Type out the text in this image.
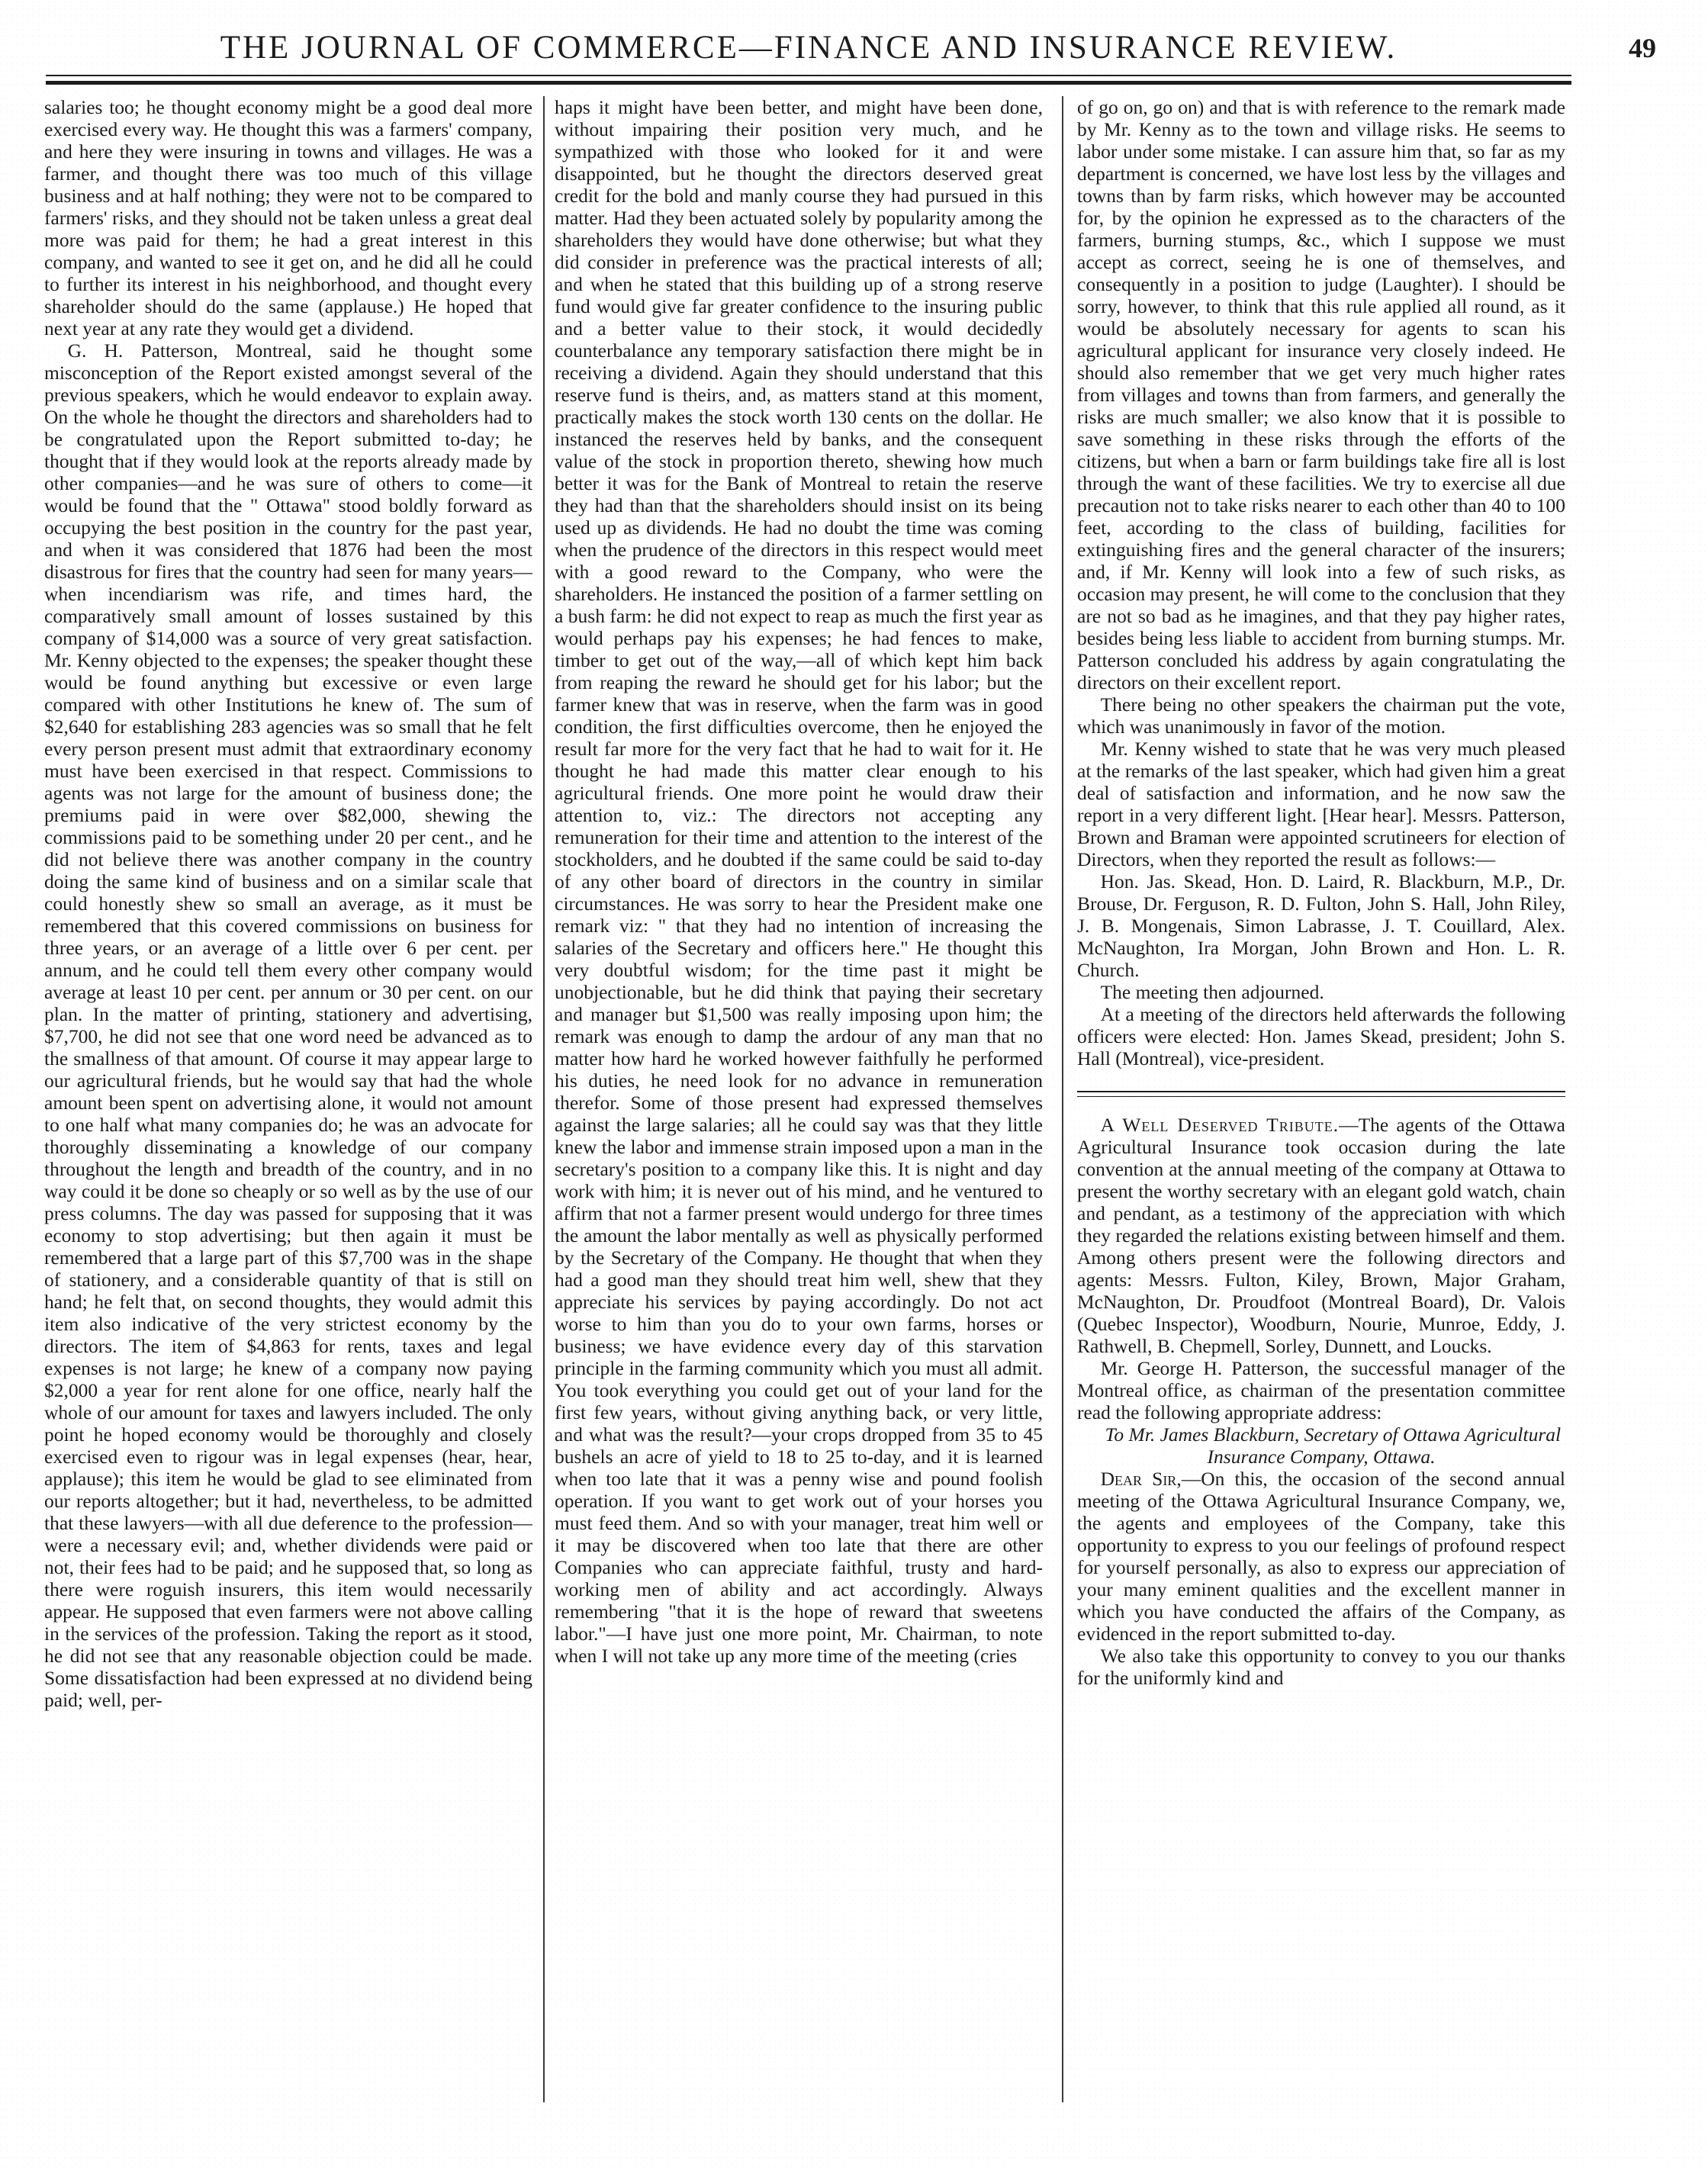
THE JOURNAL OF COMMERCE—FINANCE AND INSURANCE REVIEW.	49

salaries too; he thought economy might be a good deal more exercised every way. He thought this was a farmers' company, and here they were insuring in towns and villages. He was a farmer, and thought there was too much of this village business and at half nothing; they were not to be compared to farmers' risks, and they should not be taken unless a great deal more was paid for them; he had a great interest in this company, and wanted to see it get on, and he did all he could to further its interest in his neighborhood, and thought every shareholder should do the same (applause.) He hoped that next year at any rate they would get a dividend.

G. H. Patterson, Montreal, said he thought some misconception of the Report existed amongst several of the previous speakers, which he would endeavor to explain away. On the whole he thought the directors and shareholders had to be congratulated upon the Report submitted to-day; he thought that if they would look at the reports already made by other companies—and he was sure of others to come—it would be found that the " Ottawa" stood boldly forward as occupying the best position in the country for the past year, and when it was considered that 1876 had been the most disastrous for fires that the country had seen for many years—when incendiarism was rife, and times hard, the comparatively small amount of losses sustained by this company of $14,000 was a source of very great satisfaction. Mr. Kenny objected to the expenses; the speaker thought these would be found anything but excessive or even large compared with other Institutions he knew of. The sum of $2,640 for establishing 283 agencies was so small that he felt every person present must admit that extraordinary economy must have been exercised in that respect. Commissions to agents was not large for the amount of business done; the premiums paid in were over $82,000, shewing the commissions paid to be something under 20 per cent., and he did not believe there was another company in the country doing the same kind of business and on a similar scale that could honestly shew so small an average, as it must be remembered that this covered commissions on business for three years, or an average of a little over 6 per cent. per annum, and he could tell them every other company would average at least 10 per cent. per annum or 30 per cent. on our plan. In the matter of printing, stationery and advertising, $7,700, he did not see that one word need be advanced as to the smallness of that amount. Of course it may appear large to our agricultural friends, but he would say that had the whole amount been spent on advertising alone, it would not amount to one half what many companies do; he was an advocate for thoroughly disseminating a knowledge of our company throughout the length and breadth of the country, and in no way could it be done so cheaply or so well as by the use of our press columns. The day was passed for supposing that it was economy to stop advertising; but then again it must be remembered that a large part of this $7,700 was in the shape of stationery, and a considerable quantity of that is still on hand; he felt that, on second thoughts, they would admit this item also indicative of the very strictest economy by the directors. The item of $4,863 for rents, taxes and legal expenses is not large; he knew of a company now paying $2,000 a year for rent alone for one office, nearly half the whole of our amount for taxes and lawyers included. The only point he hoped economy would be thoroughly and closely exercised even to rigour was in legal expenses (hear, hear, applause); this item he would be glad to see eliminated from our reports altogether; but it had, nevertheless, to be admitted that these lawyers—with all due deference to the profession—were a necessary evil; and, whether dividends were paid or not, their fees had to be paid; and he supposed that, so long as there were roguish insurers, this item would necessarily appear. He supposed that even farmers were not above calling in the services of the profession. Taking the report as it stood, he did not see that any reasonable objection could be made. Some dissatisfaction had been expressed at no dividend being paid; well, per-

haps it might have been better, and might have been done, without impairing their position very much, and he sympathized with those who looked for it and were disappointed, but he thought the directors deserved great credit for the bold and manly course they had pursued in this matter. Had they been actuated solely by popularity among the shareholders they would have done otherwise; but what they did consider in preference was the practical interests of all; and when he stated that this building up of a strong reserve fund would give far greater confidence to the insuring public and a better value to their stock, it would decidedly counterbalance any temporary satisfaction there might be in receiving a dividend. Again they should understand that this reserve fund is theirs, and, as matters stand at this moment, practically makes the stock worth 130 cents on the dollar. He instanced the reserves held by banks, and the consequent value of the stock in proportion thereto, shewing how much better it was for the Bank of Montreal to retain the reserve they had than that the shareholders should insist on its being used up as dividends. He had no doubt the time was coming when the prudence of the directors in this respect would meet with a good reward to the Company, who were the shareholders. He instanced the position of a farmer settling on a bush farm: he did not expect to reap as much the first year as would perhaps pay his expenses; he had fences to make, timber to get out of the way,—all of which kept him back from reaping the reward he should get for his labor; but the farmer knew that was in reserve, when the farm was in good condition, the first difficulties overcome, then he enjoyed the result far more for the very fact that he had to wait for it. He thought he had made this matter clear enough to his agricultural friends. One more point he would draw their attention to, viz.: The directors not accepting any remuneration for their time and attention to the interest of the stockholders, and he doubted if the same could be said to-day of any other board of directors in the country in similar circumstances. He was sorry to hear the President make one remark viz: " that they had no intention of increasing the salaries of the Secretary and officers here." He thought this very doubtful wisdom; for the time past it might be unobjectionable, but he did think that paying their secretary and manager but $1,500 was really imposing upon him; the remark was enough to damp the ardour of any man that no matter how hard he worked however faithfully he performed his duties, he need look for no advance in remuneration therefor. Some of those present had expressed themselves against the large salaries; all he could say was that they little knew the labor and immense strain imposed upon a man in the secretary's position to a company like this. It is night and day work with him; it is never out of his mind, and he ventured to affirm that not a farmer present would undergo for three times the amount the labor mentally as well as physically performed by the Secretary of the Company. He thought that when they had a good man they should treat him well, shew that they appreciate his services by paying accordingly. Do not act worse to him than you do to your own farms, horses or business; we have evidence every day of this starvation principle in the farming community which you must all admit. You took everything you could get out of your land for the first few years, without giving anything back, or very little, and what was the result?—your crops dropped from 35 to 45 bushels an acre of yield to 18 to 25 to-day, and it is learned when too late that it was a penny wise and pound foolish operation. If you want to get work out of your horses you must feed them. And so with your manager, treat him well or it may be discovered when too late that there are other Companies who can appreciate faithful, trusty and hard-working men of ability and act accordingly. Always remembering "that it is the hope of reward that sweetens labor."—I have just one more point, Mr. Chairman, to note when I will not take up any more time of the meeting (cries

of go on, go on) and that is with reference to the remark made by Mr. Kenny as to the town and village risks. He seems to labor under some mistake. I can assure him that, so far as my department is concerned, we have lost less by the villages and towns than by farm risks, which however may be accounted for, by the opinion he expressed as to the characters of the farmers, burning stumps, &c., which I suppose we must accept as correct, seeing he is one of themselves, and consequently in a position to judge (Laughter). I should be sorry, however, to think that this rule applied all round, as it would be absolutely necessary for agents to scan his agricultural applicant for insurance very closely indeed. He should also remember that we get very much higher rates from villages and towns than from farmers, and generally the risks are much smaller; we also know that it is possible to save something in these risks through the efforts of the citizens, but when a barn or farm buildings take fire all is lost through the want of these facilities. We try to exercise all due precaution not to take risks nearer to each other than 40 to 100 feet, according to the class of building, facilities for extinguishing fires and the general character of the insurers; and, if Mr. Kenny will look into a few of such risks, as occasion may present, he will come to the conclusion that they are not so bad as he imagines, and that they pay higher rates, besides being less liable to accident from burning stumps. Mr. Patterson concluded his address by again congratulating the directors on their excellent report.

There being no other speakers the chairman put the vote, which was unanimously in favor of the motion.

Mr. Kenny wished to state that he was very much pleased at the remarks of the last speaker, which had given him a great deal of satisfaction and information, and he now saw the report in a very different light. [Hear hear]. Messrs. Patterson, Brown and Braman were appointed scrutineers for election of Directors, when they reported the result as follows:—

Hon. Jas. Skead, Hon. D. Laird, R. Blackburn, M.P., Dr. Brouse, Dr. Ferguson, R. D. Fulton, John S. Hall, John Riley, J. B. Mongenais, Simon Labrasse, J. T. Couillard, Alex. McNaughton, Ira Morgan, John Brown and Hon. L. R. Church.

The meeting then adjourned.

At a meeting of the directors held afterwards the following officers were elected: Hon. James Skead, president; John S. Hall (Montreal), vice-president.

A Well Deserved Tribute.—The agents of the Ottawa Agricultural Insurance took occasion during the late convention at the annual meeting of the company at Ottawa to present the worthy secretary with an elegant gold watch, chain and pendant, as a testimony of the appreciation with which they regarded the relations existing between himself and them. Among others present were the following directors and agents: Messrs. Fulton, Kiley, Brown, Major Graham, McNaughton, Dr. Proudfoot (Montreal Board), Dr. Valois (Quebec Inspector), Woodburn, Nourie, Munroe, Eddy, J. Rathwell, B. Chepmell, Sorley, Dunnett, and Loucks.

Mr. George H. Patterson, the successful manager of the Montreal office, as chairman of the presentation committee read the following appropriate address:

To Mr. James Blackburn, Secretary of Ottawa Agricultural Insurance Company, Ottawa.

Dear Sir,—On this, the occasion of the second annual meeting of the Ottawa Agricultural Insurance Company, we, the agents and employees of the Company, take this opportunity to express to you our feelings of profound respect for yourself personally, as also to express our appreciation of your many eminent qualities and the excellent manner in which you have conducted the affairs of the Company, as evidenced in the report submitted to-day.

We also take this opportunity to convey to you our thanks for the uniformly kind and
